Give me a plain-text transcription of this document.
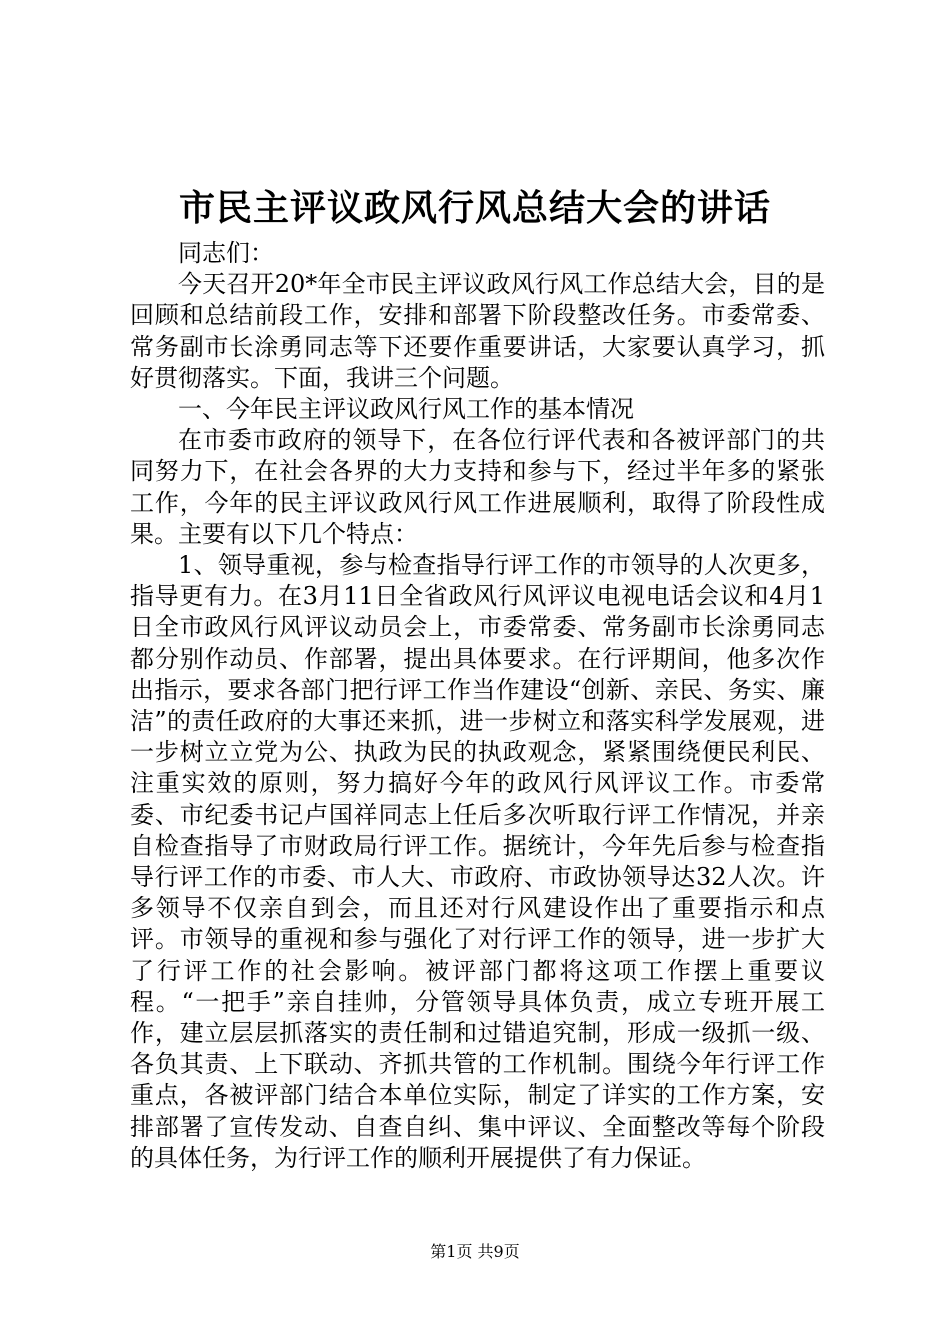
市民主评议政风行风总结大会的讲话

同志们：

今天召开20*年全市民主评议政风行风工作总结大会，目的是回顾和总结前段工作，安排和部署下阶段整改任务。市委常委、常务副市长涂勇同志等下还要作重要讲话，大家要认真学习，抓好贯彻落实。下面，我讲三个问题。

一、今年民主评议政风行风工作的基本情况

在市委市政府的领导下，在各位行评代表和各被评部门的共同努力下，在社会各界的大力支持和参与下，经过半年多的紧张工作，今年的民主评议政风行风工作进展顺利，取得了阶段性成果。主要有以下几个特点：

1、领导重视，参与检查指导行评工作的市领导的人次更多，指导更有力。在3月11日全省政风行风评议电视电话会议和4月1日全市政风行风评议动员会上，市委常委、常务副市长涂勇同志都分别作动员、作部署，提出具体要求。在行评期间，他多次作出指示，要求各部门把行评工作当作建设“创新、亲民、务实、廉洁”的责任政府的大事还来抓，进一步树立和落实科学发展观，进一步树立立党为公、执政为民的执政观念，紧紧围绕便民利民、注重实效的原则，努力搞好今年的政风行风评议工作。市委常委、市纪委书记卢国祥同志上任后多次听取行评工作情况，并亲自检查指导了市财政局行评工作。据统计，今年先后参与检查指导行评工作的市委、市人大、市政府、市政协领导达32人次。许多领导不仅亲自到会，而且还对行风建设作出了重要指示和点评。市领导的重视和参与强化了对行评工作的领导，进一步扩大了行评工作的社会影响。被评部门都将这项工作摆上重要议程。“一把手”亲自挂帅，分管领导具体负责，成立专班开展工作，建立层层抓落实的责任制和过错追究制，形成一级抓一级、各负其责、上下联动、齐抓共管的工作机制。围绕今年行评工作重点，各被评部门结合本单位实际，制定了详实的工作方案，安排部署了宣传发动、自查自纠、集中评议、全面整改等每个阶段的具体任务，为行评工作的顺利开展提供了有力保证。

第1页 共9页
